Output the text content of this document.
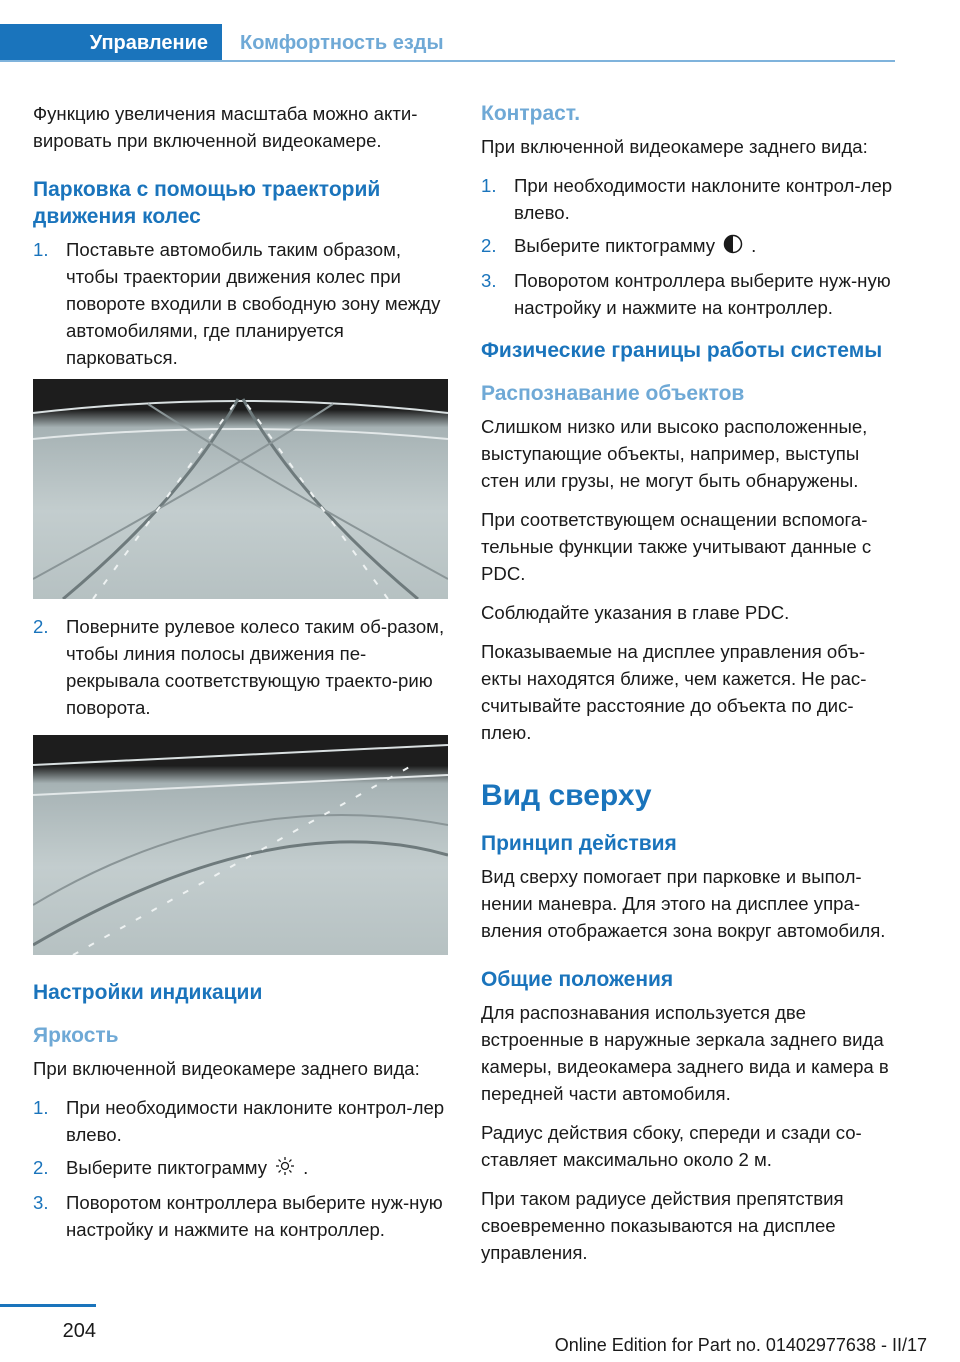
Управление Комфортность езды

Функцию увеличения масштаба можно акти‐вировать при включенной видеокамере.

Парковка с помощью траекторий движения колес
1. Поставьте автомобиль таким образом, чтобы траектории движения колес при повороте входили в свободную зону между автомобилями, где планируется парковаться.
2. Поверните рулевое колесо таким об‐разом, чтобы линия полосы движения пе‐рекрывала соответствующую траекто‐рию поворота.
Настройки индикации
Яркость

При включенной видеокамере заднего вида:

1. При необходимости наклоните контрол‐лер влево.
2. Выберите пиктограмму .
3. Поворотом контроллера выберите нуж‐ную настройку и нажмите на контроллер.
Контраст.

При включенной видеокамере заднего вида:

1. При необходимости наклоните контрол‐лер влево.
2. Выберите пиктограмму .
3. Поворотом контроллера выберите нуж‐ную настройку и нажмите на контроллер.
Физические границы работы системы
Распознавание объектов

Слишком низко или высоко расположенные, выступающие объекты, например, выступы стен или грузы, не могут быть обнаружены.

При соответствующем оснащении вспомога‐тельные функции также учитывают данные с PDC.

Соблюдайте указания в главе PDC.

Показываемые на дисплее управления объ‐екты находятся ближе, чем кажется. Не рас‐считывайте расстояние до объекта по дис‐плею.

Вид сверху
Принцип действия

Вид сверху помогает при парковке и выпол‐нении маневра. Для этого на дисплее упра‐вления отображается зона вокруг автомобиля.

Общие положения

Для распознавания используется две встроенные в наружные зеркала заднего вида камеры, видеокамера заднего вида и камера в передней части автомобиля.

Радиус действия сбоку, спереди и сзади со‐ставляет максимально около 2 м.

При таком радиусе действия препятствия своевременно показываются на дисплее управления.

204
Online Edition for Part no. 01402977638 - II/17
